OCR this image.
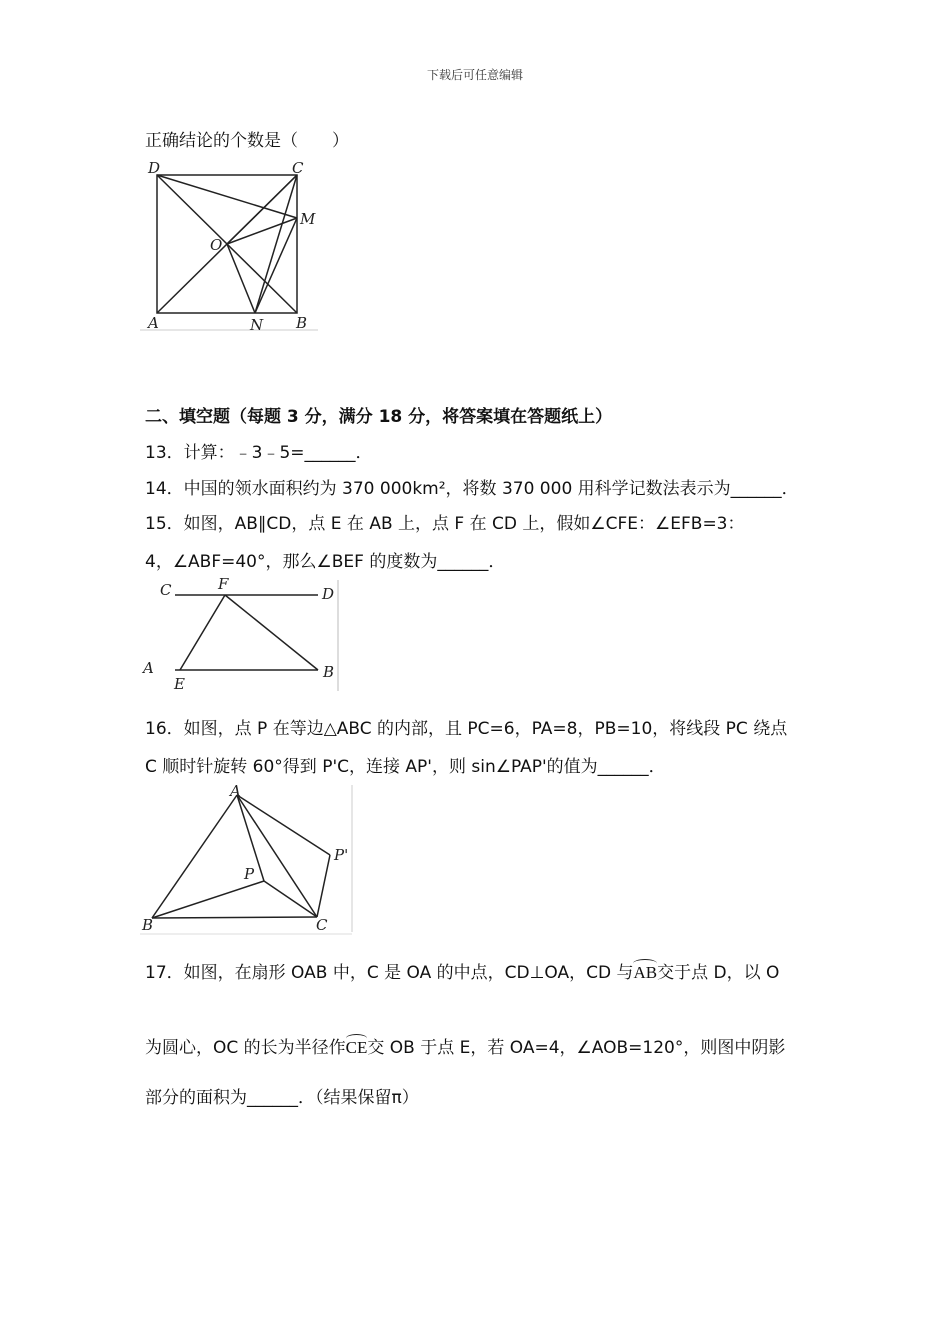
下载后可任意编辑
正确结论的个数是（　　）
D	C
M
O
A	N B
二、填空题（每题 3 分，满分 18 分，将答案填在答题纸上）
13．计算：﹣3﹣5=______．
14．中国的领水面积约为 370 000km²，将数 370 000 用科学记数法表示为______．
15．如图，AB∥CD，点 E 在 AB 上，点 F 在 CD 上，假如∠CFE：∠EFB=3：
4，∠ABF=40°，那么∠BEF 的度数为______．
C	F
D
A
E
B
16．如图，点 P 在等边△ABC 的内部，且 PC=6，PA=8，PB=10，将线段 PC 绕点
C 顺时针旋转 60°得到 P'C，连接 AP'，则 sin∠PAP'的值为______．
A
P
P'
B	C
17．如图，在扇形 OAB 中，C 是 OA 的中点，CD⊥OA，CD 与AB交于点 D，以 O
为圆心，OC 的长为半径作CE交 OB 于点 E，若 OA=4，∠AOB=120°，则图中阴影
部分的面积为______．（结果保留π）
